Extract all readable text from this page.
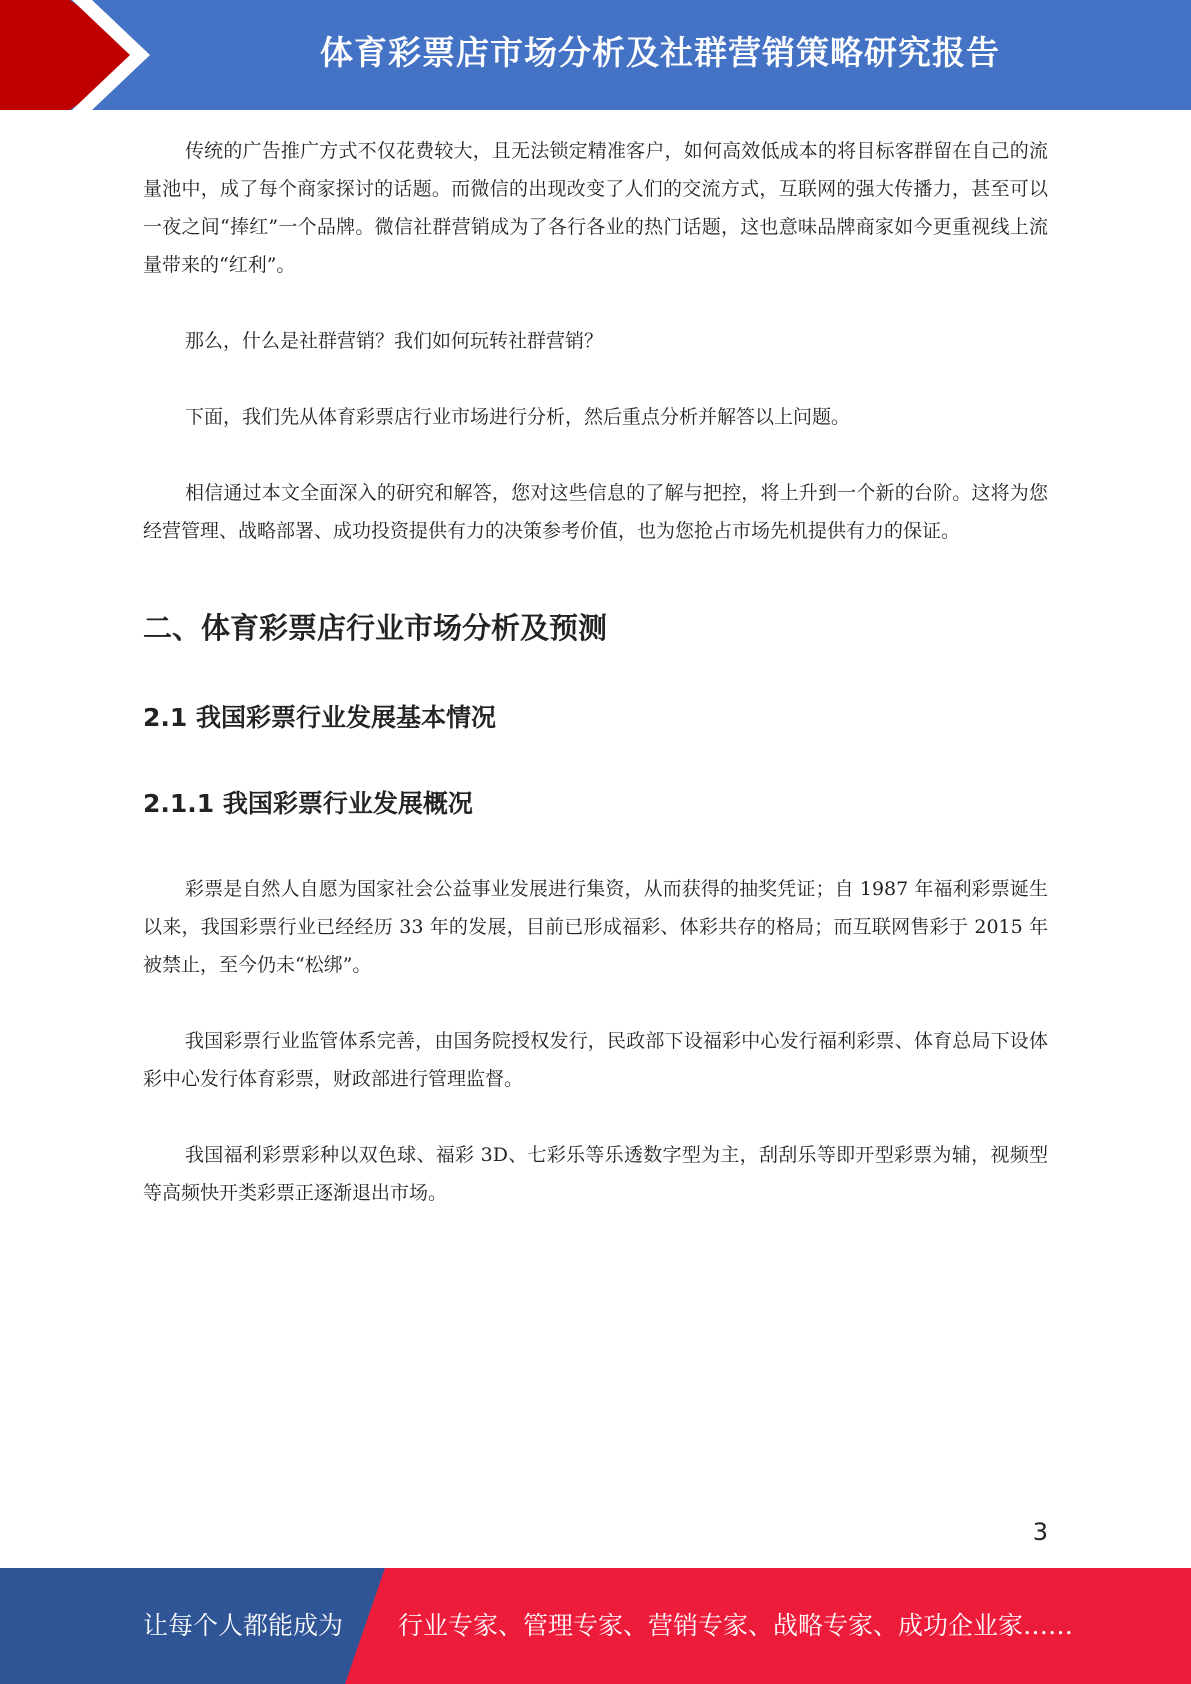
体育彩票店市场分析及社群营销策略研究报告

传统的广告推广方式不仅花费较大，且无法锁定精准客户，如何高效低成本的将目标客群留在自己的流量池中，成了每个商家探讨的话题。而微信的出现改变了人们的交流方式，互联网的强大传播力，甚至可以一夜之间“捧红”一个品牌。微信社群营销成为了各行各业的热门话题，这也意味品牌商家如今更重视线上流量带来的“红利”。

那么，什么是社群营销？我们如何玩转社群营销？

下面，我们先从体育彩票店行业市场进行分析，然后重点分析并解答以上问题。

相信通过本文全面深入的研究和解答，您对这些信息的了解与把控，将上升到一个新的台阶。这将为您经营管理、战略部署、成功投资提供有力的决策参考价值，也为您抢占市场先机提供有力的保证。

二、体育彩票店行业市场分析及预测
2.1 我国彩票行业发展基本情况
2.1.1 我国彩票行业发展概况

彩票是自然人自愿为国家社会公益事业发展进行集资，从而获得的抽奖凭证；自 1987 年福利彩票诞生以来，我国彩票行业已经经历 33 年的发展，目前已形成福彩、体彩共存的格局；而互联网售彩于 2015 年被禁止，至今仍未“松绑”。

我国彩票行业监管体系完善，由国务院授权发行，民政部下设福彩中心发行福利彩票、体育总局下设体彩中心发行体育彩票，财政部进行管理监督。

我国福利彩票彩种以双色球、福彩 3D、七彩乐等乐透数字型为主，刮刮乐等即开型彩票为辅，视频型等高频快开类彩票正逐渐退出市场。

3
让每个人都能成为 行业专家、管理专家、营销专家、战略专家、成功企业家……
